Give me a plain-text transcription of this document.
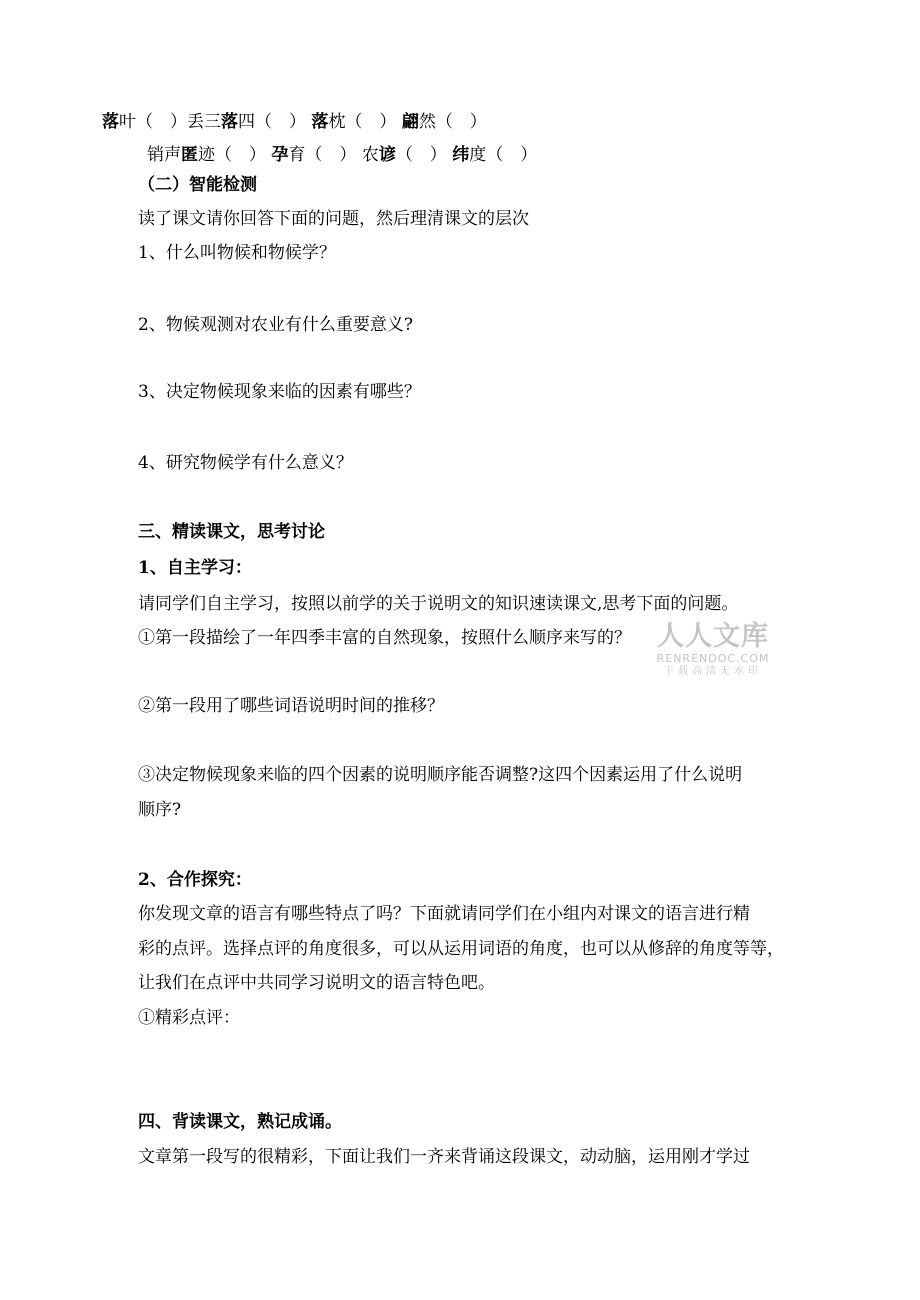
落叶（　）丢三落四（　） 落枕（　） 翩然（　）
销声匿迹（　） 孕育（　） 农谚（　） 纬度（　）
（二）智能检测
读了课文请你回答下面的问题，然后理清课文的层次
1、什么叫物候和物候学？
2、物候观测对农业有什么重要意义?
3、决定物候现象来临的因素有哪些？
4、研究物候学有什么意义？
三、精读课文，思考讨论
1、自主学习：
请同学们自主学习，按照以前学的关于说明文的知识速读课文,思考下面的问题。
①第一段描绘了一年四季丰富的自然现象，按照什么顺序来写的？
②第一段用了哪些词语说明时间的推移？
③决定物候现象来临的四个因素的说明顺序能否调整?这四个因素运用了什么说明
顺序?
2、合作探究：
你发现文章的语言有哪些特点了吗？下面就请同学们在小组内对课文的语言进行精
彩的点评。选择点评的角度很多，可以从运用词语的角度，也可以从修辞的角度等等，
让我们在点评中共同学习说明文的语言特色吧。
①精彩点评：
四、背读课文，熟记成诵。
文章第一段写的很精彩，下面让我们一齐来背诵这段课文，动动脑，运用刚才学过
人人文库
RENRENDOC.COM
下载高清无水印
